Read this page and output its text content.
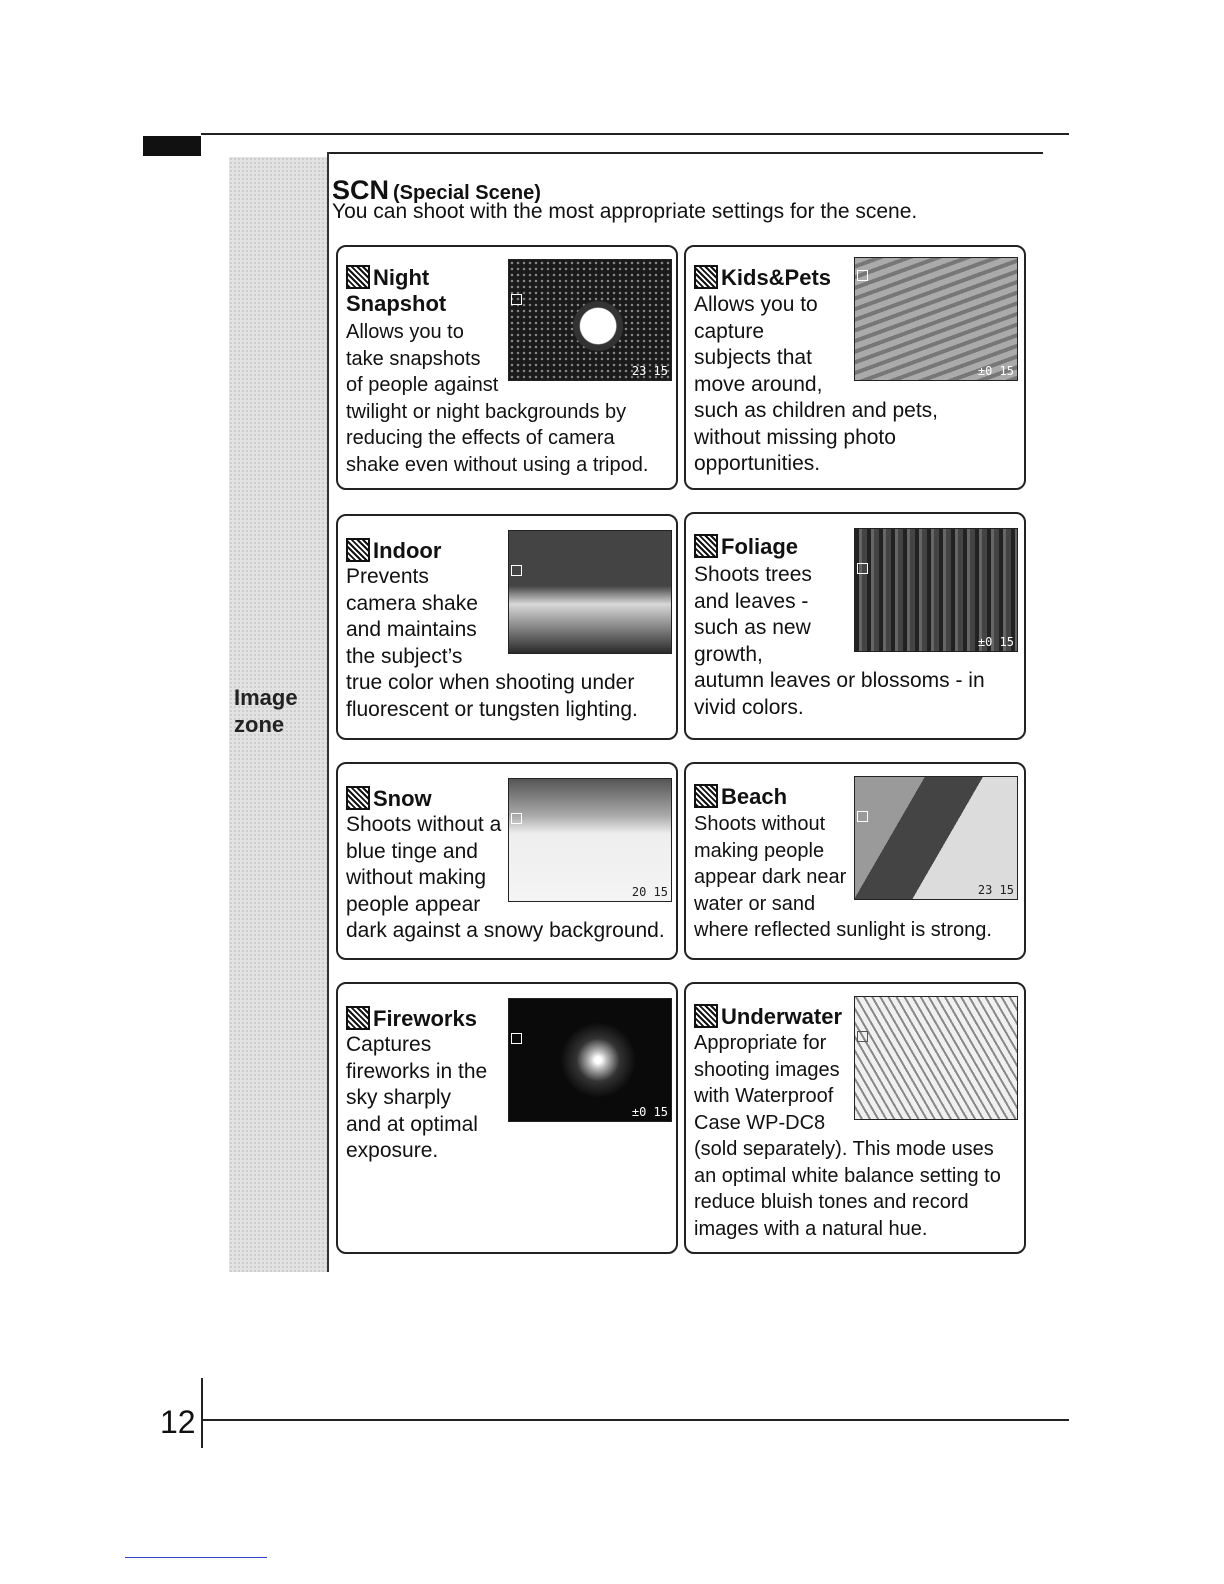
Image
zone
SCN (Special Scene)

You can shoot with the most appropriate settings for the scene.

Night
Snapshot
23 15
Allows you to
take snapshots
of people against
twilight or night backgrounds by
reducing the effects of camera
shake even without using a tripod.
Kids&Pets
±0 15
Allows you to
capture
subjects that
move around,
such as children and pets,
without missing photo
opportunities.
Indoor
Prevents
camera shake
and maintains
the subject’s
true color when shooting under
fluorescent or tungsten lighting.
Foliage
±0 15
Shoots trees
and leaves -
such as new
growth,
autumn leaves or blossoms - in
vivid colors.
Snow
20 15
Shoots without a
blue tinge and
without making
people appear
dark against a snowy background.
Beach
23 15
Shoots without
making people
appear dark near
water or sand
where reflected sunlight is strong.
Fireworks
±0 15
Captures
fireworks in the
sky sharply
and at optimal
exposure.
Underwater
Appropriate for
shooting images
with Waterproof
Case WP-DC8
(sold separately). This mode uses
an optimal white balance setting to
reduce bluish tones and record
images with a natural hue.
12
